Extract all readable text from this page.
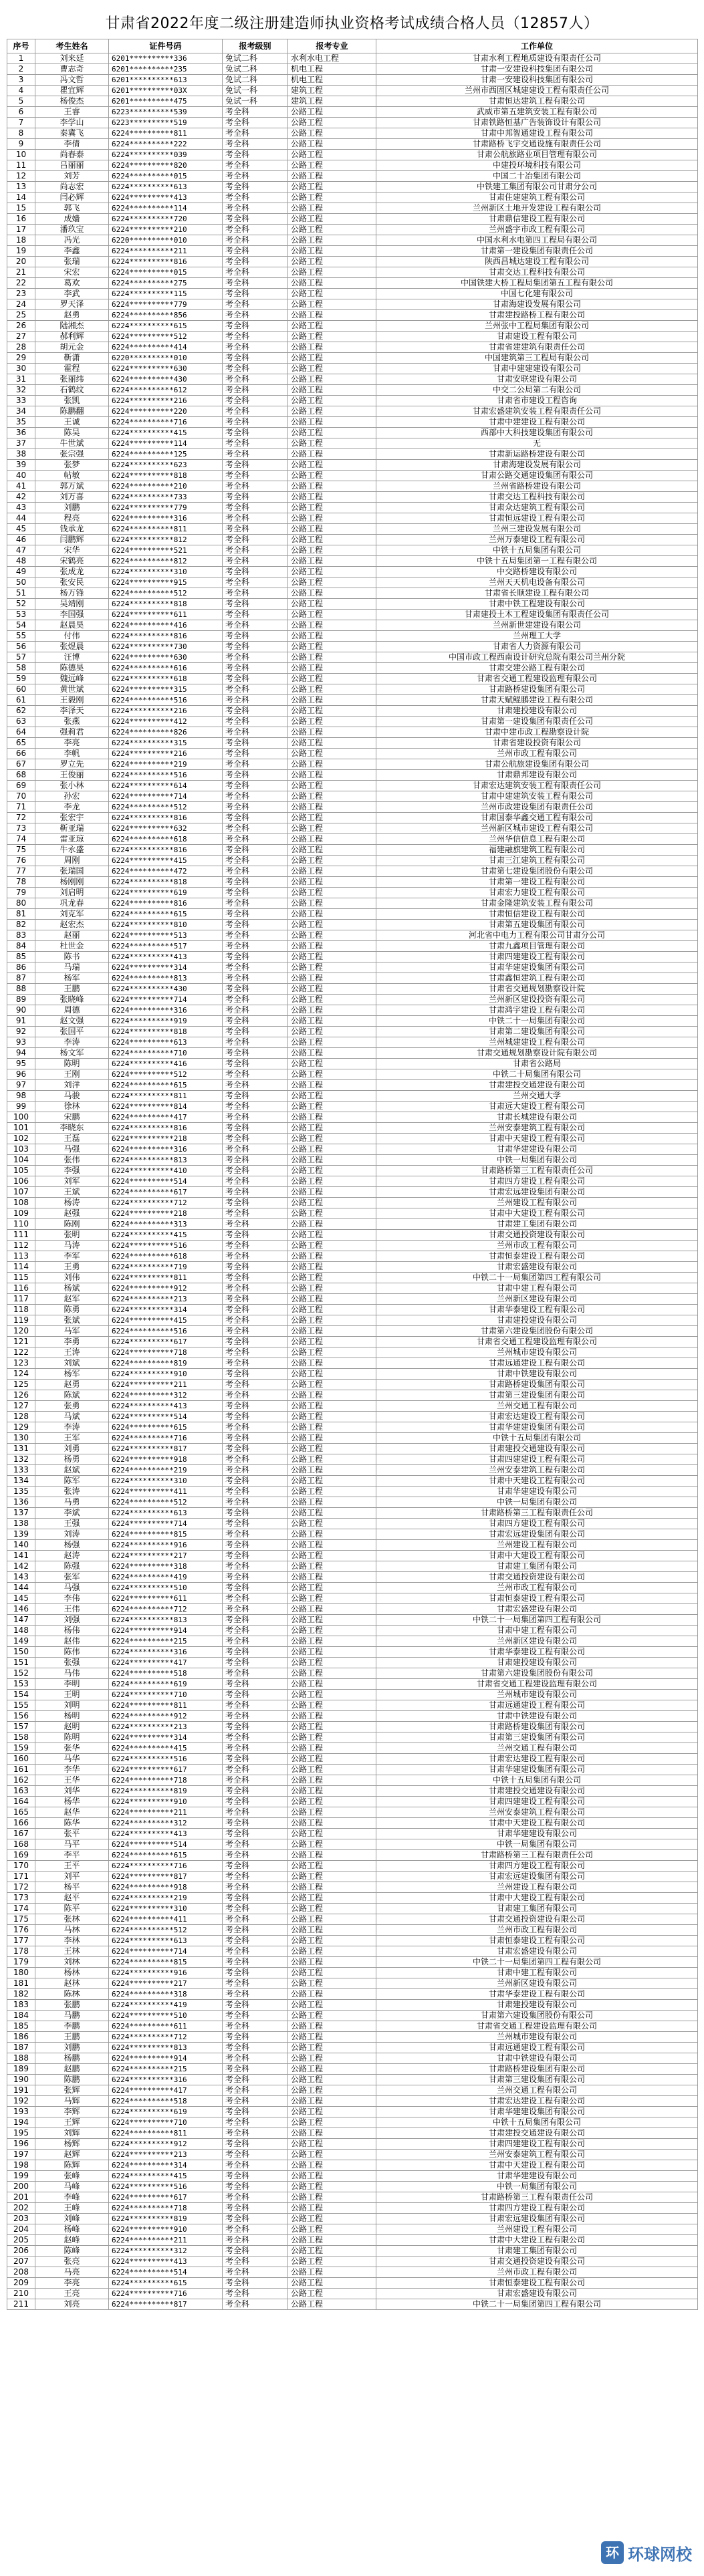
甘肃省2022年度二级注册建造师执业资格考试成绩合格人员（12857人）
序号	考生姓名	证件号码	报考级别	报考专业	工作单位
1	刘来廷	6201**********336	免试二科	水利水电工程	甘肃水利工程地质建设有限责任公司
2	曹志奇	6201**********235	免试二科	机电工程	甘肃一安建设科技集团有限公司
3	冯文哲	6201**********613	免试二科	机电工程	甘肃一安建设科技集团有限公司
4	瞿宜辉	6201**********03X	免试一科	建筑工程	兰州市西固区城建建设工程有限责任公司
5	杨俊杰	6201**********475	免试一科	建筑工程	甘肃恒达建筑工程有限公司
6	王睿	6223**********539	考全科	公路工程	武威市第五建筑安装工程有限公司
7	李学山	6223**********519	考全科	公路工程	甘肃铁路恒基广告装饰设计有限公司
8	秦冀飞	6224**********811	考全科	公路工程	甘肃中邦智通建设工程有限公司
9	李倩	6224**********222	考全科	公路工程	甘肃路桥飞宇交通设施有限责任公司
10	尚春泰	6224**********039	考全科	公路工程	甘肃公航旅路业项目管理有限公司
11	吕丽丽	6224**********820	考全科	公路工程	中建投环境科技有限公司
12	刘芳	6224**********015	考全科	公路工程	中国二十冶集团有限公司
13	尚志宏	6224**********613	考全科	公路工程	中铁建工集团有限公司甘肃分公司
14	闫必辉	6224**********413	考全科	公路工程	甘肃住建建筑工程有限公司
15	郭飞	6224**********114	考全科	公路工程	兰州新区土地开发建设工程有限公司
16	成嫱	6224**********720	考全科	公路工程	甘肃鼎信建设工程有限公司
17	潘玖宝	6224**********210	考全科	公路工程	兰州盛宇市政工程有限公司
18	冯光	6220**********010	考全科	公路工程	中国水利水电第四工程局有限公司
19	李鑫	6224**********211	考全科	公路工程	甘肃第一建设集团有限责任公司
20	张瑞	6224**********816	考全科	公路工程	陕西昌城达建设工程有限公司
21	宋宏	6224**********015	考全科	公路工程	甘肃交达工程科技有限公司
22	葛欢	6224**********275	考全科	公路工程	中国铁建大桥工程局集团第五工程有限公司
23	李武	6224**********115	考全科	公路工程	中国七化建有限公司
24	罗天泽	6224**********779	考全科	公路工程	甘肃海建设发展有限公司
25	赵勇	6224**********856	考全科	公路工程	甘肃建投路桥工程有限公司
26	陆湘杰	6224**********615	考全科	公路工程	兰州张中工程局集团有限公司
27	郝利辉	6224**********512	考全科	公路工程	甘肃建设工程有限公司
28	胡元金	6224**********414	考全科	公路工程	甘肃省建建筑有限责任公司
29	靳潇	6220**********010	考全科	公路工程	中国建筑第三工程局有限公司
30	霍程	6224**********630	考全科	公路工程	甘肃中建建建设有限公司
31	张丽纬	6224**********430	考全科	公路工程	甘肃安联建设有限公司
32	石鹤纹	6224**********612	考全科	公路工程	中交二公局第二有限公司
33	张凯	6224**********216	考全科	公路工程	甘肃省市建设工程咨询
34	陈鹏翻	6224**********220	考全科	公路工程	甘肃宏盛建筑安装工程有限责任公司
35	王诚	6224**********716	考全科	公路工程	甘肃中建建设工程有限公司
36	陈吴	6224**********415	考全科	公路工程	西部中大科技建设集团有限公司
37	牛世斌	6224**********114	考全科	公路工程	无
38	张宗强	6224**********125	考全科	公路工程	甘肃新运路桥建设有限公司
39	张梦	6224**********623	考全科	公路工程	甘肃海建设发展有限公司
40	帖敏	6224**********818	考全科	公路工程	甘肃公路交通建设集团有限公司
41	郭万斌	6224**********210	考全科	公路工程	兰州省路桥建设有限公司
42	刘万喜	6224**********733	考全科	公路工程	甘肃交达工程科技有限公司
43	刘鹏	6224**********779	考全科	公路工程	甘肃众达建筑工程有限公司
44	程亮	6224**********316	考全科	公路工程	甘肃恒远建设工程有限公司
45	钱承龙	6224**********811	考全科	公路工程	兰州三建设发展有限公司
46	闫鹏辉	6224**********812	考全科	公路工程	兰州万泰建设工程有限公司
47	宋华	6224**********521	考全科	公路工程	中铁十五局集团有限公司
48	宋鹤亮	6224**********812	考全科	公路工程	中铁十五局集团第一工程有限公司
49	张成龙	6224**********310	考全科	公路工程	中交路桥建设有限公司
50	张安民	6224**********915	考全科	公路工程	兰州天天机电设备有限公司
51	杨万锋	6224**********512	考全科	公路工程	甘肃省长顺建设工程有限公司
52	吴靖刚	6224**********818	考全科	公路工程	甘肃中铁工程建设有限公司
53	李国强	6224**********611	考全科	公路工程	甘肃建投土木工程建设集团有限责任公司
54	赵晨昊	6224**********416	考全科	公路工程	兰州新世建建设有限公司
55	付伟	6224**********816	考全科	公路工程	兰州理工大学
56	张煜晨	6224**********730	考全科	公路工程	甘肃省人力资源有限公司
57	汪博	6224**********630	考全科	公路工程	中国市政工程西南设计研究总院有限公司兰州分院
58	陈德昊	6224**********616	考全科	公路工程	甘肃交建公路工程有限公司
59	魏远峰	6224**********618	考全科	公路工程	甘肃省交通工程建设监理有限公司
60	黄世斌	6224**********315	考全科	公路工程	甘肃路桥建设集团有限公司
61	王毅刚	6224**********516	考全科	公路工程	甘肃天赋鲲鹏建设工程有限公司
62	李泽天	6224**********216	考全科	公路工程	甘肃建投建设有限公司
63	张燕	6224**********412	考全科	公路工程	甘肃第一建设集团有限责任公司
64	强莉君	6224**********826	考全科	公路工程	甘肃中建市政工程勘察设计院
65	李亮	6224**********315	考全科	公路工程	甘肃省建设投资有限公司
66	李帆	6224**********216	考全科	公路工程	兰州市政工程有限公司
67	罗立先	6224**********219	考全科	公路工程	甘肃公航旅建设集团有限公司
68	王俊丽	6224**********516	考全科	公路工程	甘肃鼎邦建设有限公司
69	张小林	6224**********614	考全科	公路工程	甘肃宏达建筑安装工程有限责任公司
70	孙宏	6224**********714	考全科	公路工程	甘肃中建建筑安装工程有限公司
71	李龙	6224**********512	考全科	公路工程	兰州市政建设集团有限责任公司
72	张宏宇	6224**********816	考全科	公路工程	甘肃国泰华鑫交通工程有限公司
73	靳亚瑞	6224**********632	考全科	公路工程	兰州新区城市建设工程有限公司
74	雷亚琼	6224**********618	考全科	公路工程	兰州华信信息工程有限公司
75	牛永盛	6224**********816	考全科	公路工程	福建融旗建筑工程有限公司
76	周刚	6224**********415	考全科	公路工程	甘肃三江建筑工程有限公司
77	张瑞国	6224**********472	考全科	公路工程	甘肃第七建设集团股份有限公司
78	杨刚刚	6224**********818	考全科	公路工程	甘肃第一建设工程有限公司
79	刘启明	6224**********619	考全科	公路工程	甘肃宏力建设工程有限公司
80	巩龙春	6224**********816	考全科	公路工程	甘肃金隆建筑安装工程有限公司
81	刘克军	6224**********615	考全科	公路工程	甘肃恒信建设工程有限公司
82	赵宏杰	6224**********810	考全科	公路工程	甘肃第五建设集团有限公司
83	赵丽	6224**********513	考全科	公路工程	河北省中电力工程有限公司甘肃分公司
84	杜世金	6224**********517	考全科	公路工程	甘肃九鑫项目管理有限公司
85	陈书	6224**********413	考全科	公路工程	甘肃四建建设工程有限公司
86	马瑞	6224**********314	考全科	公路工程	甘肃华建建设集团有限公司
87	杨军	6224**********813	考全科	公路工程	甘肃鑫恒建筑工程有限公司
88	王鹏	6224**********430	考全科	公路工程	甘肃省交通规划勘察设计院
89	张晓峰	6224**********714	考全科	公路工程	兰州新区建设投资有限公司
90	周德	6224**********316	考全科	公路工程	甘肃鸿宇建设工程有限公司
91	赵文强	6224**********919	考全科	公路工程	中铁二十一局集团有限公司
92	张国平	6224**********818	考全科	公路工程	甘肃第二建设集团有限公司
93	李涛	6224**********613	考全科	公路工程	兰州城建建设工程有限公司
94	杨文军	6224**********710	考全科	公路工程	甘肃交通规划勘察设计院有限公司
95	陈明	6224**********416	考全科	公路工程	甘肃省公路局
96	王刚	6224**********512	考全科	公路工程	中铁二十局集团有限公司
97	刘洋	6224**********615	考全科	公路工程	甘肃建投交通建设有限公司
98	马骏	6224**********811	考全科	公路工程	兰州交通大学
99	徐林	6224**********814	考全科	公路工程	甘肃远大建设工程有限公司
100	宋鹏	6224**********417	考全科	公路工程	甘肃长城建设有限公司
101	李晓东	6224**********816	考全科	公路工程	兰州安泰建筑工程有限公司
102	王磊	6224**********218	考全科	公路工程	甘肃中天建设工程有限公司
103	马强	6224**********316	考全科	公路工程	甘肃华建建设有限公司
104	张伟	6224**********813	考全科	公路工程	中铁一局集团有限公司
105	李强	6224**********410	考全科	公路工程	甘肃路桥第三工程有限责任公司
106	刘军	6224**********514	考全科	公路工程	甘肃四方建设工程有限公司
107	王斌	6224**********617	考全科	公路工程	甘肃宏远建设集团有限公司
108	杨涛	6224**********712	考全科	公路工程	兰州建设工程有限公司
109	赵强	6224**********218	考全科	公路工程	甘肃中大建设工程有限公司
110	陈刚	6224**********313	考全科	公路工程	甘肃建工集团有限公司
111	张明	6224**********415	考全科	公路工程	甘肃交通投资建设有限公司
112	马涛	6224**********516	考全科	公路工程	兰州市政工程有限公司
113	李军	6224**********618	考全科	公路工程	甘肃恒泰建设工程有限公司
114	王勇	6224**********719	考全科	公路工程	甘肃宏盛建设有限公司
115	刘伟	6224**********811	考全科	公路工程	中铁二十一局集团第四工程有限公司
116	杨斌	6224**********912	考全科	公路工程	甘肃中建工程有限公司
117	赵军	6224**********213	考全科	公路工程	兰州新区建设有限公司
118	陈勇	6224**********314	考全科	公路工程	甘肃华泰建设工程有限公司
119	张斌	6224**********415	考全科	公路工程	甘肃建投建设有限公司
120	马军	6224**********516	考全科	公路工程	甘肃第六建设集团股份有限公司
121	李勇	6224**********617	考全科	公路工程	甘肃省交通工程建设监理有限公司
122	王涛	6224**********718	考全科	公路工程	兰州城市建设有限公司
123	刘斌	6224**********819	考全科	公路工程	甘肃远通建设工程有限公司
124	杨军	6224**********910	考全科	公路工程	甘肃中铁建设有限公司
125	赵勇	6224**********211	考全科	公路工程	甘肃路桥建设集团有限公司
126	陈斌	6224**********312	考全科	公路工程	甘肃第三建设集团有限公司
127	张勇	6224**********413	考全科	公路工程	兰州交通工程有限公司
128	马斌	6224**********514	考全科	公路工程	甘肃宏达建设工程有限公司
129	李涛	6224**********615	考全科	公路工程	甘肃华建建设集团有限公司
130	王军	6224**********716	考全科	公路工程	中铁十五局集团有限公司
131	刘勇	6224**********817	考全科	公路工程	甘肃建投交通建设有限公司
132	杨勇	6224**********918	考全科	公路工程	甘肃四建建设工程有限公司
133	赵斌	6224**********219	考全科	公路工程	兰州安泰建筑工程有限公司
134	陈军	6224**********310	考全科	公路工程	甘肃中天建设工程有限公司
135	张涛	6224**********411	考全科	公路工程	甘肃华建建设有限公司
136	马勇	6224**********512	考全科	公路工程	中铁一局集团有限公司
137	李斌	6224**********613	考全科	公路工程	甘肃路桥第三工程有限责任公司
138	王强	6224**********714	考全科	公路工程	甘肃四方建设工程有限公司
139	刘涛	6224**********815	考全科	公路工程	甘肃宏远建设集团有限公司
140	杨强	6224**********916	考全科	公路工程	兰州建设工程有限公司
141	赵涛	6224**********217	考全科	公路工程	甘肃中大建设工程有限公司
142	陈强	6224**********318	考全科	公路工程	甘肃建工集团有限公司
143	张军	6224**********419	考全科	公路工程	甘肃交通投资建设有限公司
144	马强	6224**********510	考全科	公路工程	兰州市政工程有限公司
145	李伟	6224**********611	考全科	公路工程	甘肃恒泰建设工程有限公司
146	王伟	6224**********712	考全科	公路工程	甘肃宏盛建设有限公司
147	刘强	6224**********813	考全科	公路工程	中铁二十一局集团第四工程有限公司
148	杨伟	6224**********914	考全科	公路工程	甘肃中建工程有限公司
149	赵伟	6224**********215	考全科	公路工程	兰州新区建设有限公司
150	陈伟	6224**********316	考全科	公路工程	甘肃华泰建设工程有限公司
151	张强	6224**********417	考全科	公路工程	甘肃建投建设有限公司
152	马伟	6224**********518	考全科	公路工程	甘肃第六建设集团股份有限公司
153	李明	6224**********619	考全科	公路工程	甘肃省交通工程建设监理有限公司
154	王明	6224**********710	考全科	公路工程	兰州城市建设有限公司
155	刘明	6224**********811	考全科	公路工程	甘肃远通建设工程有限公司
156	杨明	6224**********912	考全科	公路工程	甘肃中铁建设有限公司
157	赵明	6224**********213	考全科	公路工程	甘肃路桥建设集团有限公司
158	陈明	6224**********314	考全科	公路工程	甘肃第三建设集团有限公司
159	张华	6224**********415	考全科	公路工程	兰州交通工程有限公司
160	马华	6224**********516	考全科	公路工程	甘肃宏达建设工程有限公司
161	李华	6224**********617	考全科	公路工程	甘肃华建建设集团有限公司
162	王华	6224**********718	考全科	公路工程	中铁十五局集团有限公司
163	刘华	6224**********819	考全科	公路工程	甘肃建投交通建设有限公司
164	杨华	6224**********910	考全科	公路工程	甘肃四建建设工程有限公司
165	赵华	6224**********211	考全科	公路工程	兰州安泰建筑工程有限公司
166	陈华	6224**********312	考全科	公路工程	甘肃中天建设工程有限公司
167	张平	6224**********413	考全科	公路工程	甘肃华建建设有限公司
168	马平	6224**********514	考全科	公路工程	中铁一局集团有限公司
169	李平	6224**********615	考全科	公路工程	甘肃路桥第三工程有限责任公司
170	王平	6224**********716	考全科	公路工程	甘肃四方建设工程有限公司
171	刘平	6224**********817	考全科	公路工程	甘肃宏远建设集团有限公司
172	杨平	6224**********918	考全科	公路工程	兰州建设工程有限公司
173	赵平	6224**********219	考全科	公路工程	甘肃中大建设工程有限公司
174	陈平	6224**********310	考全科	公路工程	甘肃建工集团有限公司
175	张林	6224**********411	考全科	公路工程	甘肃交通投资建设有限公司
176	马林	6224**********512	考全科	公路工程	兰州市政工程有限公司
177	李林	6224**********613	考全科	公路工程	甘肃恒泰建设工程有限公司
178	王林	6224**********714	考全科	公路工程	甘肃宏盛建设有限公司
179	刘林	6224**********815	考全科	公路工程	中铁二十一局集团第四工程有限公司
180	杨林	6224**********916	考全科	公路工程	甘肃中建工程有限公司
181	赵林	6224**********217	考全科	公路工程	兰州新区建设有限公司
182	陈林	6224**********318	考全科	公路工程	甘肃华泰建设工程有限公司
183	张鹏	6224**********419	考全科	公路工程	甘肃建投建设有限公司
184	马鹏	6224**********510	考全科	公路工程	甘肃第六建设集团股份有限公司
185	李鹏	6224**********611	考全科	公路工程	甘肃省交通工程建设监理有限公司
186	王鹏	6224**********712	考全科	公路工程	兰州城市建设有限公司
187	刘鹏	6224**********813	考全科	公路工程	甘肃远通建设工程有限公司
188	杨鹏	6224**********914	考全科	公路工程	甘肃中铁建设有限公司
189	赵鹏	6224**********215	考全科	公路工程	甘肃路桥建设集团有限公司
190	陈鹏	6224**********316	考全科	公路工程	甘肃第三建设集团有限公司
191	张辉	6224**********417	考全科	公路工程	兰州交通工程有限公司
192	马辉	6224**********518	考全科	公路工程	甘肃宏达建设工程有限公司
193	李辉	6224**********619	考全科	公路工程	甘肃华建建设集团有限公司
194	王辉	6224**********710	考全科	公路工程	中铁十五局集团有限公司
195	刘辉	6224**********811	考全科	公路工程	甘肃建投交通建设有限公司
196	杨辉	6224**********912	考全科	公路工程	甘肃四建建设工程有限公司
197	赵辉	6224**********213	考全科	公路工程	兰州安泰建筑工程有限公司
198	陈辉	6224**********314	考全科	公路工程	甘肃中天建设工程有限公司
199	张峰	6224**********415	考全科	公路工程	甘肃华建建设有限公司
200	马峰	6224**********516	考全科	公路工程	中铁一局集团有限公司
201	李峰	6224**********617	考全科	公路工程	甘肃路桥第三工程有限责任公司
202	王峰	6224**********718	考全科	公路工程	甘肃四方建设工程有限公司
203	刘峰	6224**********819	考全科	公路工程	甘肃宏远建设集团有限公司
204	杨峰	6224**********910	考全科	公路工程	兰州建设工程有限公司
205	赵峰	6224**********211	考全科	公路工程	甘肃中大建设工程有限公司
206	陈峰	6224**********312	考全科	公路工程	甘肃建工集团有限公司
207	张亮	6224**********413	考全科	公路工程	甘肃交通投资建设有限公司
208	马亮	6224**********514	考全科	公路工程	兰州市政工程有限公司
209	李亮	6224**********615	考全科	公路工程	甘肃恒泰建设工程有限公司
210	王亮	6224**********716	考全科	公路工程	甘肃宏盛建设有限公司
211	刘亮	6224**********817	考全科	公路工程	中铁二十一局集团第四工程有限公司
环 环球网校
